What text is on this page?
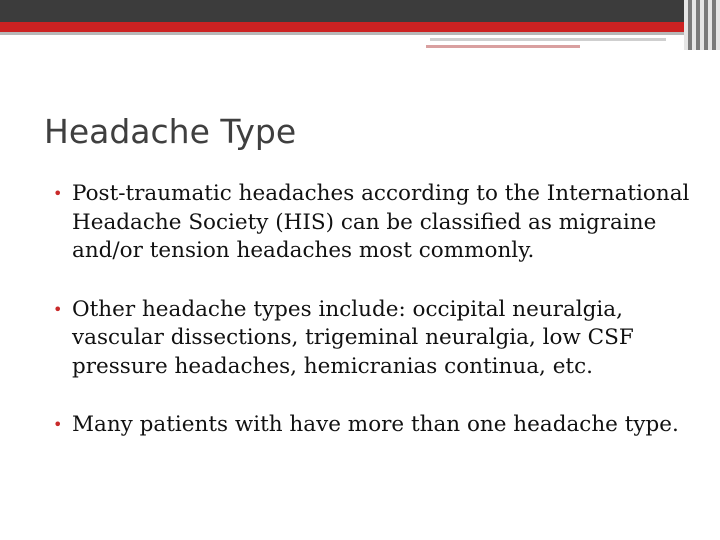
Headache Type
• Post-traumatic headaches according to the International Headache Society (HIS) can be classified as migraine and/or tension headaches most commonly.
• Other headache types include: occipital neuralgia, vascular dissections, trigeminal neuralgia, low CSF pressure headaches, hemicranias continua, etc.
• Many patients with have more than one headache type.
